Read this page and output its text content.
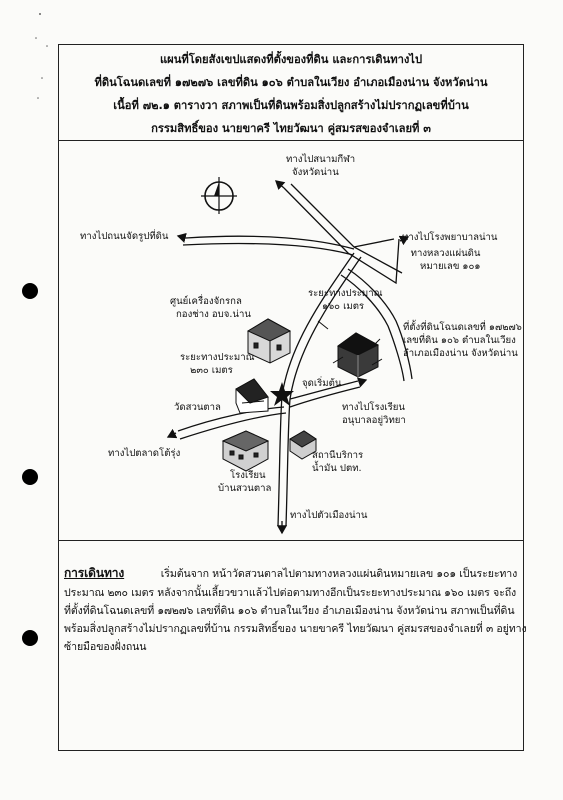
แผนที่โดยสังเขปแสดงที่ตั้งของที่ดิน และการเดินทางไป
ที่ดินโฉนดเลขที่ ๑๗๒๗๖ เลขที่ดิน ๑๐๖ ตำบลในเวียง อำเภอเมืองน่าน จังหวัดน่าน
เนื้อที่ ๗๒.๑ ตารางวา สภาพเป็นที่ดินพร้อมสิ่งปลูกสร้างไม่ปรากฏเลขที่บ้าน
กรรมสิทธิ์ของ นายขาครี ไทยวัฒนา คู่สมรสของจำเลยที่ ๓
ทางไปสนามกีฬา
จังหวัดน่าน
ทางไปถนนจัดรูปที่ดิน	ทางไปโรงพยาบาลน่าน
ทางหลวงแผ่นดิน
หมายเลข ๑๐๑
ศูนย์เครื่องจักรกล
กองช่าง อบจ.น่าน
ระยะทางประมาณ
๑๖๐ เมตร
ที่ตั้งที่ดินโฉนดเลขที่ ๑๗๒๗๖
เลขที่ดิน ๑๐๖ ตำบลในเวียง
อำเภอเมืองน่าน จังหวัดน่าน
ระยะทางประมาณ
๒๓๐ เมตร
จุดเริ่มต้น
วัดสวนตาล	ทางไปโรงเรียน
อนุบาลอยู่วิทยา
ทางไปตลาดโต้รุ่ง
โรงเรียน
บ้านสวนตาล
สถานีบริการ
น้ำมัน ปตท.
ทางไปตัวเมืองน่าน
การเดินทาง	เริ่มต้นจาก หน้าวัดสวนตาลไปตามทางหลวงแผ่นดินหมายเลข ๑๐๑ เป็นระยะทาง
ประมาณ ๒๓๐ เมตร หลังจากนั้นเลี้ยวขวาแล้วไปต่อตามทางอีกเป็นระยะทางประมาณ ๑๖๐ เมตร จะถึง
ที่ตั้งที่ดินโฉนดเลขที่ ๑๗๒๗๖ เลขที่ดิน ๑๐๖ ตำบลในเวียง อำเภอเมืองน่าน จังหวัดน่าน สภาพเป็นที่ดิน
พร้อมสิ่งปลูกสร้างไม่ปรากฏเลขที่บ้าน กรรมสิทธิ์ของ นายขาครี ไทยวัฒนา คู่สมรสของจำเลยที่ ๓ อยู่ทาง
ซ้ายมือของฝั่งถนน
